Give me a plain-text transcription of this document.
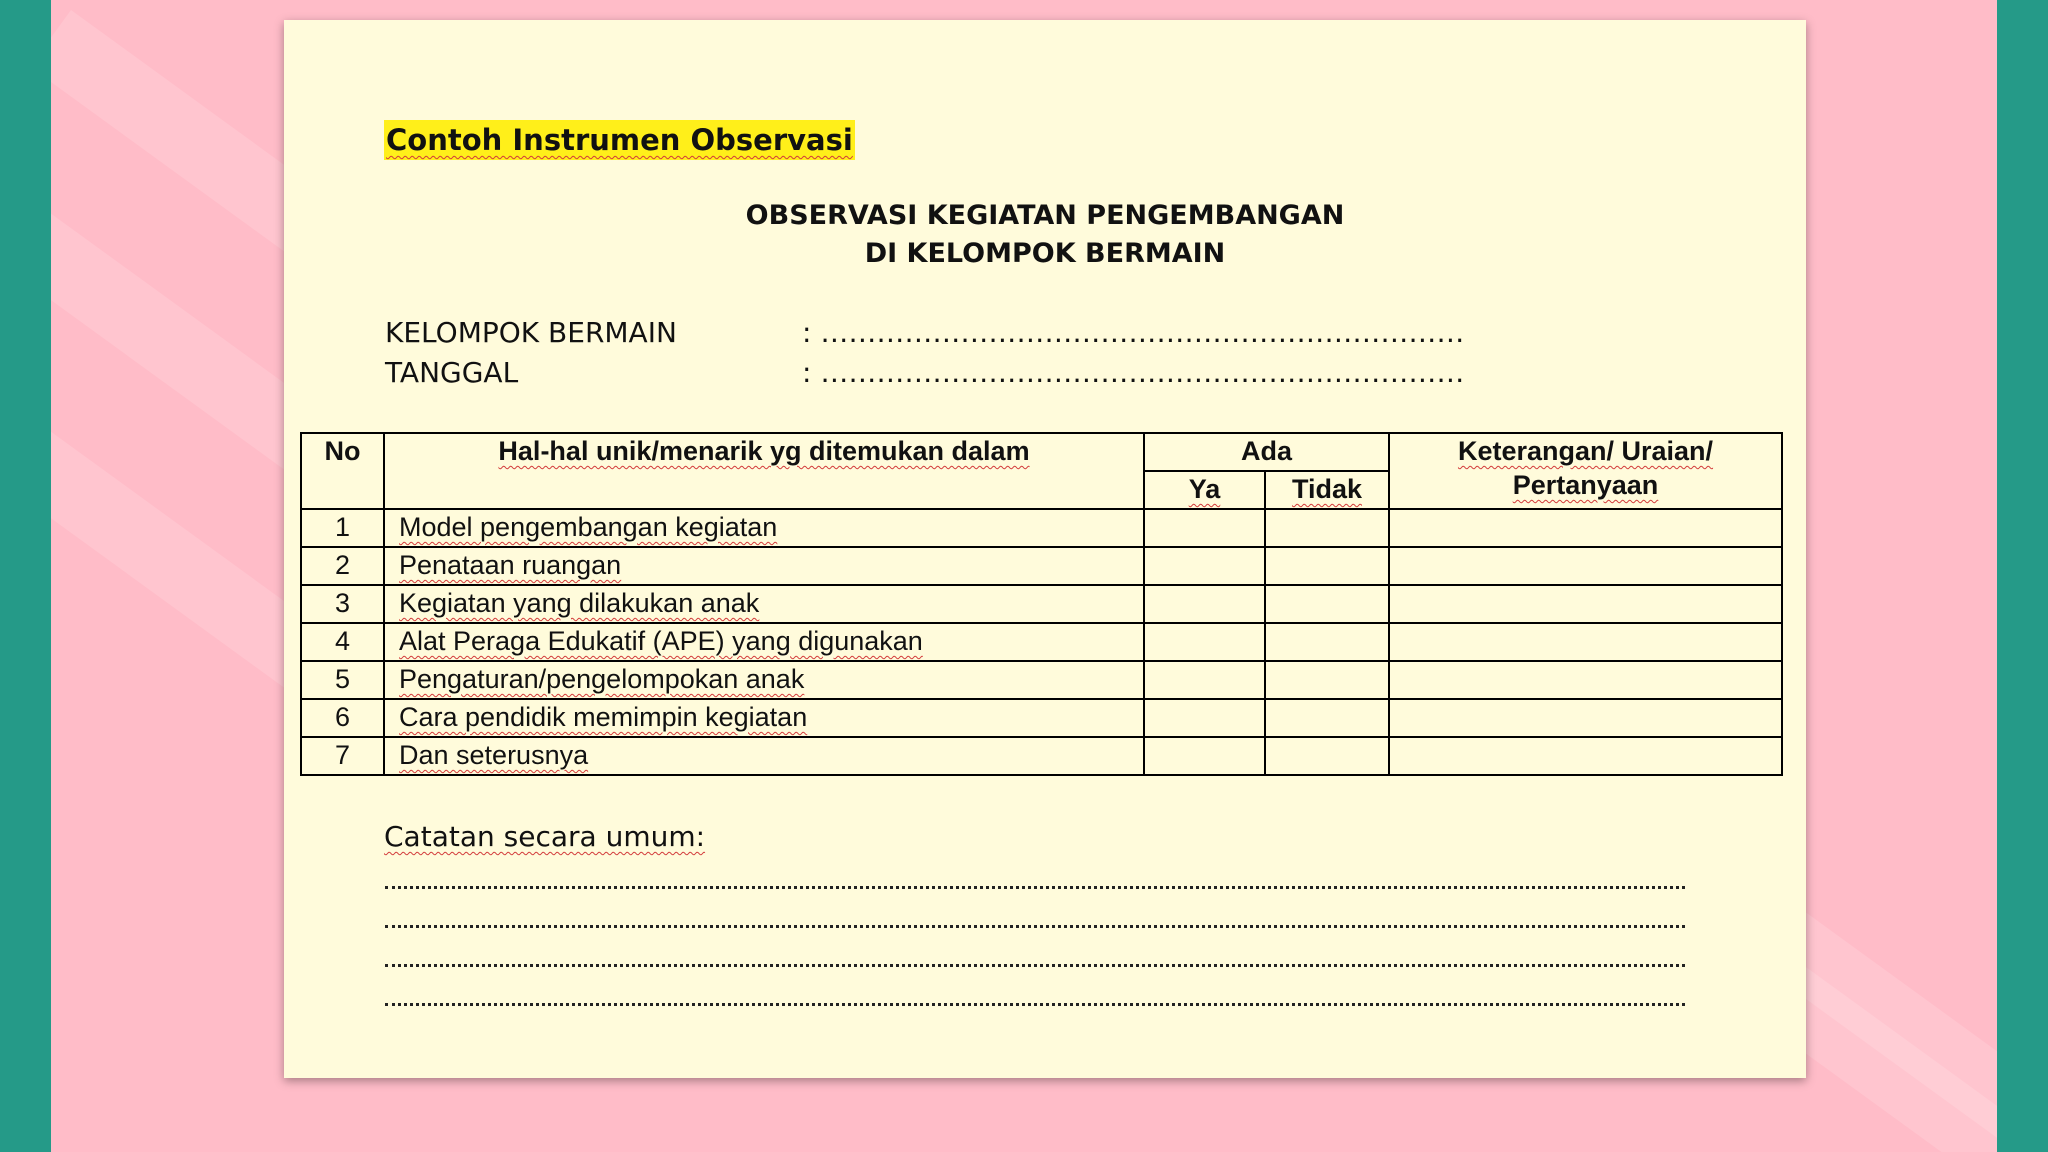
Contoh Instrumen Observasi
OBSERVASI KEGIATAN PENGEMBANGAN
DI KELOMPOK BERMAIN
KELOMPOK BERMAIN	: ……………………………………………………………
TANGGAL	: ……………………………………………………………
No	Hal-hal unik/menarik yg ditemukan dalam	Ada		Keterangan/ Uraian/
Pertanyaan
		Ya	Tidak	
1	Model pengembangan kegiatan			
2	Penataan ruangan			
3	Kegiatan yang dilakukan anak			
4	Alat Peraga Edukatif (APE) yang digunakan			
5	Pengaturan/pengelompokan anak			
6	Cara pendidik memimpin kegiatan			
7	Dan seterusnya			
Catatan secara umum:
